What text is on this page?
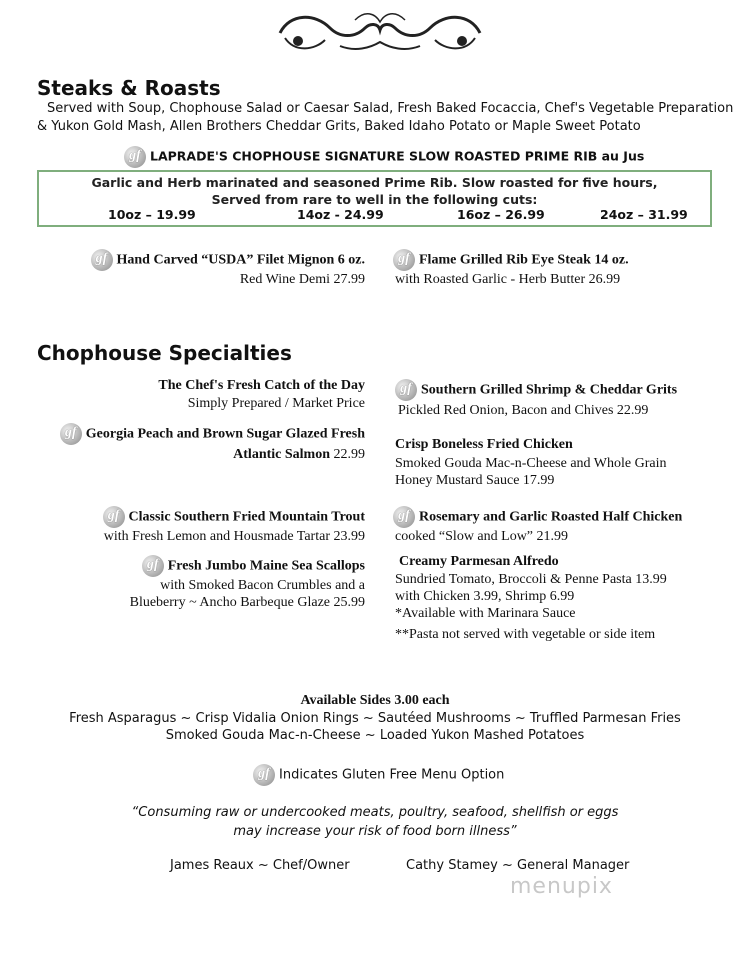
Steaks & Roasts
Served with Soup, Chophouse Salad or Caesar Salad, Fresh Baked Focaccia, Chef's Vegetable Preparation
& Yukon Gold Mash, Allen Brothers Cheddar Grits, Baked Idaho Potato or Maple Sweet Potato
gf LAPRADE'S CHOPHOUSE SIGNATURE SLOW ROASTED PRIME RIB au Jus
Garlic and Herb marinated and seasoned Prime Rib. Slow roasted for five hours,
Served from rare to well in the following cuts:
10oz – 19.99	14oz - 24.99	16oz – 26.99	24oz – 31.99
gf Hand Carved “USDA” Filet Mignon 6 oz.
Red Wine Demi 27.99
gf Flame Grilled Rib Eye Steak 14 oz.
with Roasted Garlic - Herb Butter 26.99
Chophouse Specialties
The Chef's Fresh Catch of the Day
Simply Prepared / Market Price
gf Georgia Peach and Brown Sugar Glazed Fresh
Atlantic Salmon 22.99
gf Classic Southern Fried Mountain Trout
with Fresh Lemon and Housmade Tartar 23.99
gf Fresh Jumbo Maine Sea Scallops
with Smoked Bacon Crumbles and a
Blueberry ~ Ancho Barbeque Glaze 25.99
gf Southern Grilled Shrimp & Cheddar Grits
Pickled Red Onion, Bacon and Chives 22.99
Crisp Boneless Fried Chicken
Smoked Gouda Mac-n-Cheese and Whole Grain
Honey Mustard Sauce 17.99
gf Rosemary and Garlic Roasted Half Chicken
cooked “Slow and Low” 21.99
Creamy Parmesan Alfredo
Sundried Tomato, Broccoli & Penne Pasta 13.99
with Chicken 3.99, Shrimp 6.99
*Available with Marinara Sauce
**Pasta not served with vegetable or side item
Available Sides 3.00 each
Fresh Asparagus ~ Crisp Vidalia Onion Rings ~ Sautéed Mushrooms ~ Truffled Parmesan Fries
Smoked Gouda Mac-n-Cheese ~ Loaded Yukon Mashed Potatoes
gf Indicates Gluten Free Menu Option
“Consuming raw or undercooked meats, poultry, seafood, shellfish or eggs
may increase your risk of food born illness”
James Reaux ~ Chef/Owner	Cathy Stamey ~ General Manager
menupix
